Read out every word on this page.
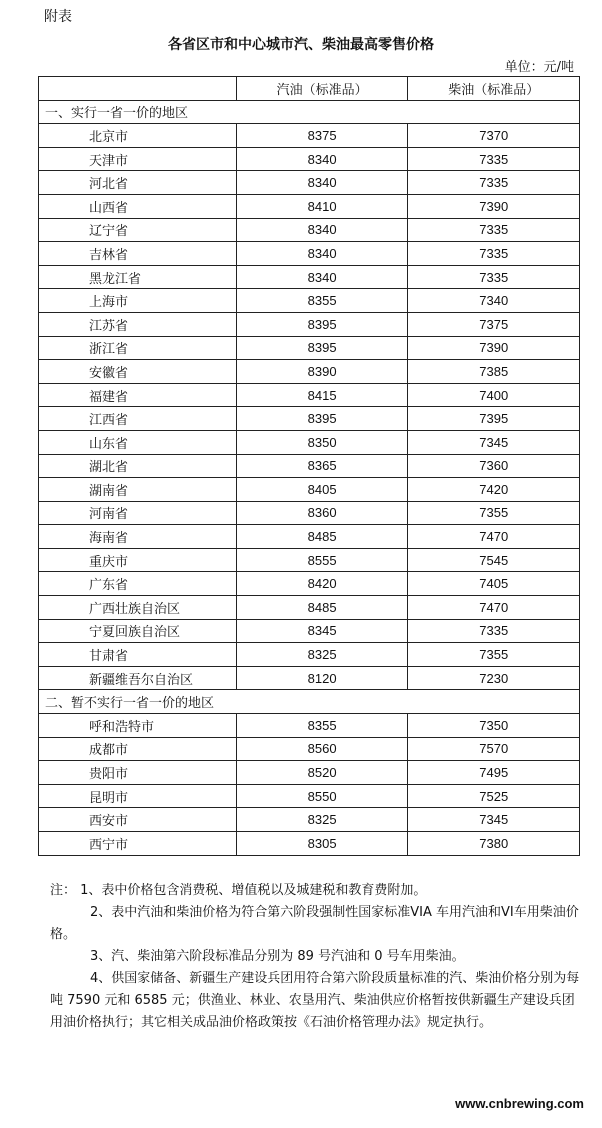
附表
各省区市和中心城市汽、柴油最高零售价格
单位：元/吨
	汽油（标准品）	柴油（标准品）
一、实行一省一价的地区		
北京市	8375	7370
天津市	8340	7335
河北省	8340	7335
山西省	8410	7390
辽宁省	8340	7335
吉林省	8340	7335
黑龙江省	8340	7335
上海市	8355	7340
江苏省	8395	7375
浙江省	8395	7390
安徽省	8390	7385
福建省	8415	7400
江西省	8395	7395
山东省	8350	7345
湖北省	8365	7360
湖南省	8405	7420
河南省	8360	7355
海南省	8485	7470
重庆市	8555	7545
广东省	8420	7405
广西壮族自治区	8485	7470
宁夏回族自治区	8345	7335
甘肃省	8325	7355
新疆维吾尔自治区	8120	7230
二、暂不实行一省一价的地区		
呼和浩特市	8355	7350
成都市	8560	7570
贵阳市	8520	7495
昆明市	8550	7525
西安市	8325	7345
西宁市	8305	7380

注： 1、表中价格包含消费税、增值税以及城建税和教育费附加。

2、表中汽油和柴油价格为符合第六阶段强制性国家标准VIA 车用汽油和VI车用柴油价格。

3、汽、柴油第六阶段标准品分别为 89 号汽油和 0 号车用柴油。

4、供国家储备、新疆生产建设兵团用符合第六阶段质量标准的汽、柴油价格分别为每吨 7590 元和 6585 元；供渔业、林业、农垦用汽、柴油供应价格暂按供新疆生产建设兵团用油价格执行；其它相关成品油价格政策按《石油价格管理办法》规定执行。

www.cnbrewing.com
